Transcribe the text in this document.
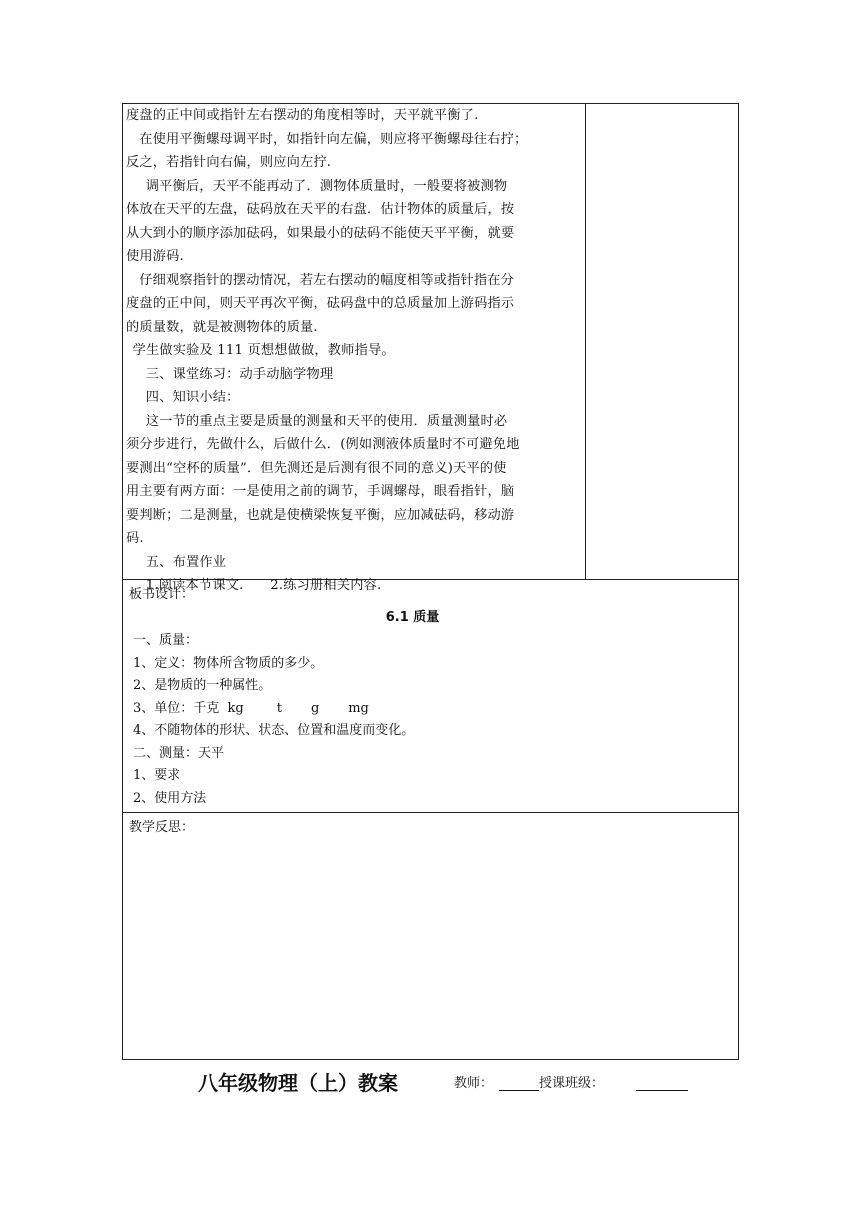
度盘的正中间或指针左右摆动的角度相等时，天平就平衡了.

在使用平衡螺母调平时，如指针向左偏，则应将平衡螺母往右拧；

反之，若指针向右偏，则应向左拧.

调平衡后，天平不能再动了．测物体质量时，一般要将被测物

体放在天平的左盘，砝码放在天平的右盘．估计物体的质量后，按

从大到小的顺序添加砝码，如果最小的砝码不能使天平平衡，就要

使用游码.

仔细观察指针的摆动情况，若左右摆动的幅度相等或指针指在分

度盘的正中间，则天平再次平衡，砝码盘中的总质量加上游码指示

的质量数，就是被测物体的质量.

学生做实验及 111 页想想做做，教师指导。

三、课堂练习：动手动脑学物理

四、知识小结：

这一节的重点主要是质量的测量和天平的使用．质量测量时必

须分步进行，先做什么，后做什么．(例如测液体质量时不可避免地

要测出“空杯的质量”．但先测还是后测有很不同的意义)天平的使

用主要有两方面：一是使用之前的调节，手调螺母，眼看指针，脑

要判断；二是测量，也就是使横梁恢复平衡，应加减砝码，移动游

码.

五、布置作业

1.阅读本节课文.　　2.练习册相关内容.

板书设计：

6.1 质量

一、质量：

1、定义：物体所含物质的多少。

2、是物质的一种属性。

3、单位：千克  kg        t       g       mg

4、不随物体的形状、状态、位置和温度而变化。

二、测量：天平

1、要求

2、使用方法

教学反思：

八年级物理（上）教案	教师：	授课班级：
